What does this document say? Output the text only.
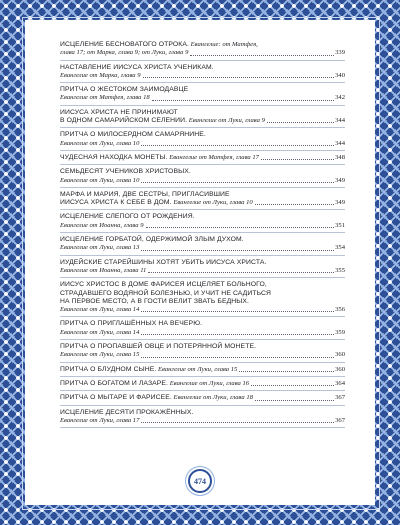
ИСЦЕЛЕНИЕ БЕСНОВАТОГО ОТРОКА. Евангелие: от Матфея,
глава 17; от Марка, глава 9; от Луки, глава 9	339
НАСТАВЛЕНИЕ ИИСУСА ХРИСТА УЧЕНИКАМ.
Евангелие от Марка, глава 9	340
ПРИТЧА О ЖЕСТОКОМ ЗАИМОДАВЦЕ
Евангелие от Матфея, глава 18	342
ИИСУСА ХРИСТА НЕ ПРИНИМАЮТ
В ОДНОМ САМАРИЙСКОМ СЕЛЕНИИ. Евангелие от Луки, глава 9	344
ПРИТЧА О МИЛОСЕРДНОМ САМАРЯНИНЕ.
Евангелие от Луки, глава 10	344
ЧУДЕСНАЯ НАХОДКА МОНЕТЫ. Евангелие от Матфея, глава 17	348
СЕМЬДЕСЯТ УЧЕНИКОВ ХРИСТОВЫХ.
Евангелие от Луки, глава 10	349
МАРФА И МАРИЯ, ДВЕ СЕСТРЫ, ПРИГЛАСИВШИЕ
ИИСУСА ХРИСТА К СЕБЕ В ДОМ. Евангелие от Луки, глава 10	349
ИСЦЕЛЕНИЕ СЛЕПОГО ОТ РОЖДЕНИЯ.
Евангелие от Иоанна, глава 9	351
ИСЦЕЛЕНИЕ ГОРБАТОЙ, ОДЕРЖИМОЙ ЗЛЫМ ДУХОМ.
Евангелие от Луки, глава 13	354
ИУДЕЙСКИЕ СТАРЕЙШИНЫ ХОТЯТ УБИТЬ ИИСУСА ХРИСТА.
Евангелие от Иоанна, глава 11	355
ИИСУС ХРИСТОС В ДОМЕ ФАРИСЕЯ ИСЦЕЛЯЕТ БОЛЬНОГО,
СТРАДАВШЕГО ВОДЯНОЙ БОЛЕЗНЬЮ, И УЧИТ НЕ САДИТЬСЯ
НА ПЕРВОЕ МЕСТО, А В ГОСТИ ВЕЛИТ ЗВАТЬ БЕДНЫХ.
Евангелие от Луки, глава 14	356
ПРИТЧА О ПРИГЛАШЁННЫХ НА ВЕЧЕРЮ.
Евангелие от Луки, глава 14	359
ПРИТЧА О ПРОПАВШЕЙ ОВЦЕ И ПОТЕРЯННОЙ МОНЕТЕ.
Евангелие от Луки, глава 15	360
ПРИТЧА О БЛУДНОМ СЫНЕ. Евангелие от Луки, глава 15	360
ПРИТЧА О БОГАТОМ И ЛАЗАРЕ. Евангелие от Луки, глава 16	364
ПРИТЧА О МЫТАРЕ И ФАРИСЕЕ. Евангелие от Луки, глава 18	367
ИСЦЕЛЕНИЕ ДЕСЯТИ ПРОКАЖЁННЫХ.
Евангелие от Луки, глава 17	367
474
